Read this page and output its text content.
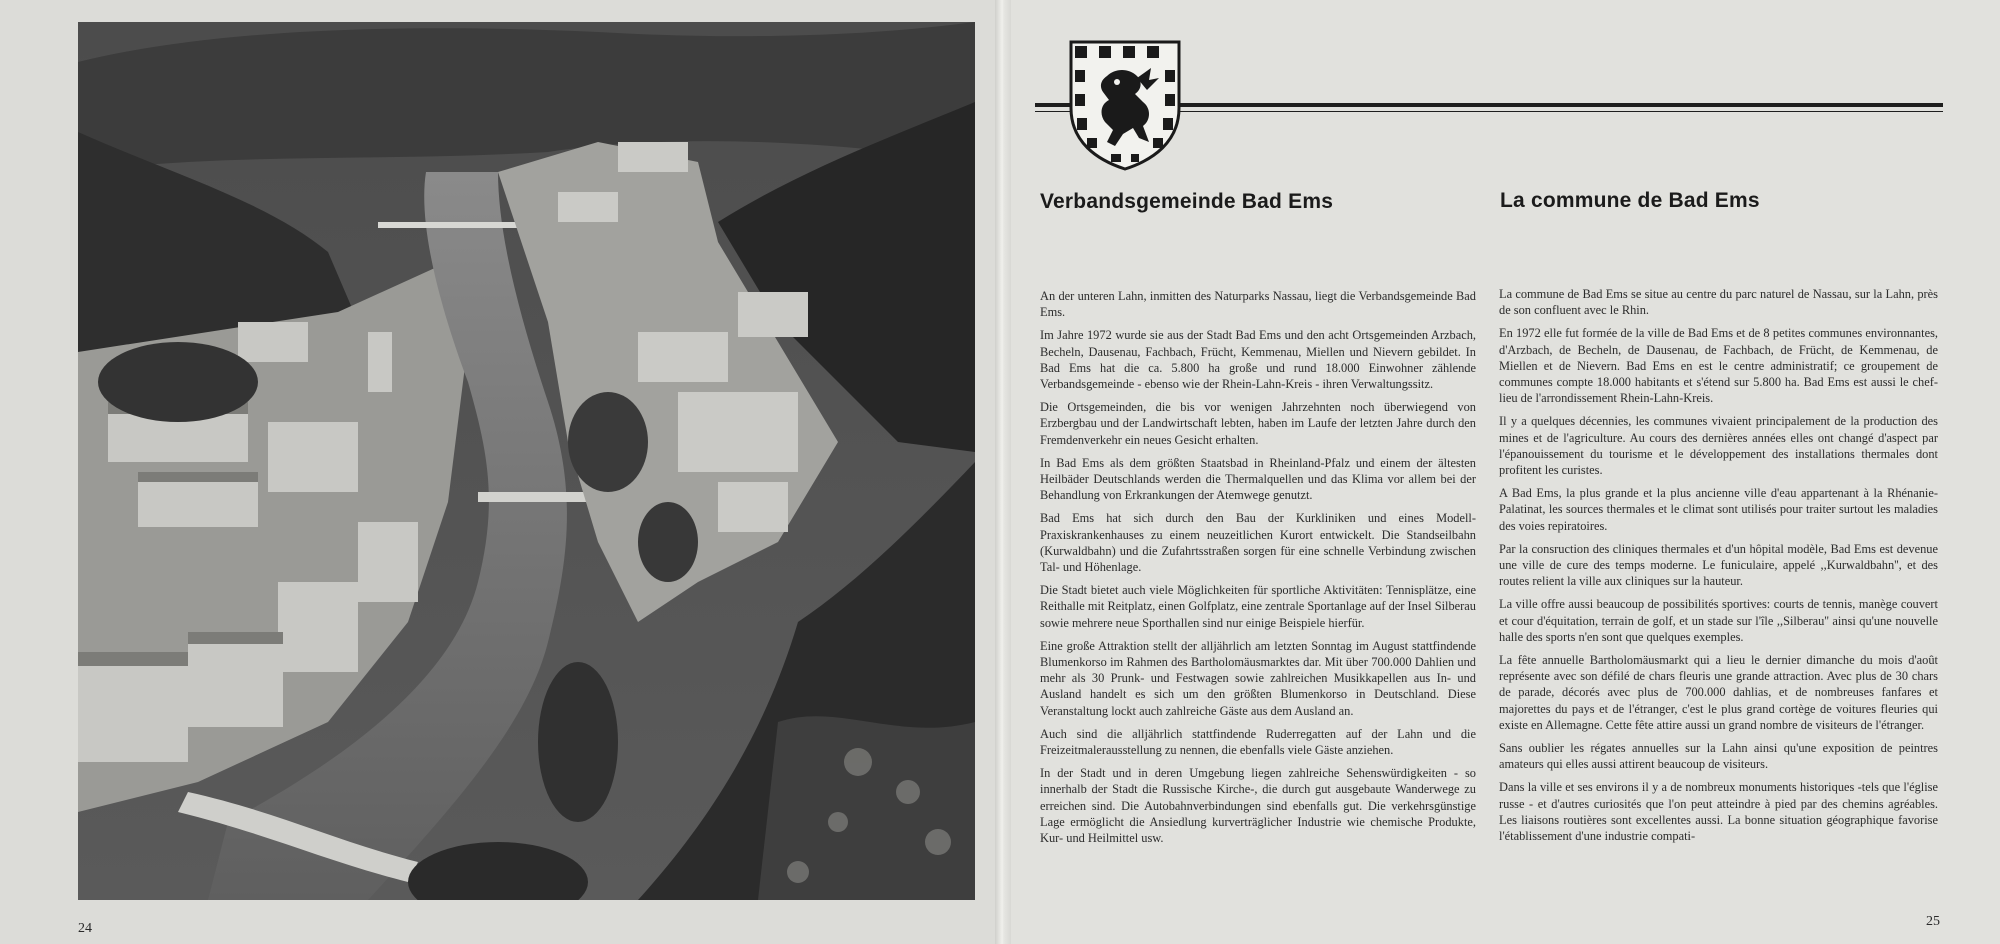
24
Verbandsgemeinde Bad Ems	La commune de Bad Ems

An der unteren Lahn, inmitten des Naturparks Nassau, liegt die Verbandsgemeinde Bad Ems.

Im Jahre 1972 wurde sie aus der Stadt Bad Ems und den acht Ortsgemeinden Arzbach, Becheln, Dausenau, Fachbach, Frücht, Kemmenau, Miellen und Nievern gebildet. In Bad Ems hat die ca. 5.800 ha große und rund 18.000 Einwohner zählende Verbandsgemeinde - ebenso wie der Rhein-Lahn-Kreis - ihren Verwaltungssitz.

Die Ortsgemeinden, die bis vor wenigen Jahrzehnten noch überwiegend von Erzbergbau und der Landwirtschaft lebten, haben im Laufe der letzten Jahre durch den Fremdenverkehr ein neues Gesicht erhalten.

In Bad Ems als dem größten Staatsbad in Rheinland-Pfalz und einem der ältesten Heilbäder Deutschlands werden die Thermalquellen und das Klima vor allem bei der Behandlung von Erkrankungen der Atemwege genutzt.

Bad Ems hat sich durch den Bau der Kurkliniken und eines Modell-Praxiskrankenhauses zu einem neuzeitlichen Kurort entwickelt. Die Standseilbahn (Kurwaldbahn) und die Zufahrtsstraßen sorgen für eine schnelle Verbindung zwischen Tal- und Höhenlage.

Die Stadt bietet auch viele Möglichkeiten für sportliche Aktivitäten: Tennisplätze, eine Reithalle mit Reitplatz, einen Golfplatz, eine zentrale Sportanlage auf der Insel Silberau sowie mehrere neue Sporthallen sind nur einige Beispiele hierfür.

Eine große Attraktion stellt der alljährlich am letzten Sonntag im August stattfindende Blumenkorso im Rahmen des Bartholomäusmarktes dar. Mit über 700.000 Dahlien und mehr als 30 Prunk- und Festwagen sowie zahlreichen Musikkapellen aus In- und Ausland handelt es sich um den größten Blumenkorso in Deutschland. Diese Veranstaltung lockt auch zahlreiche Gäste aus dem Ausland an.

Auch sind die alljährlich stattfindende Ruderregatten auf der Lahn und die Freizeitmalerausstellung zu nennen, die ebenfalls viele Gäste anziehen.

In der Stadt und in deren Umgebung liegen zahlreiche Sehenswürdigkeiten - so innerhalb der Stadt die Russische Kirche-, die durch gut ausgebaute Wanderwege zu erreichen sind. Die Autobahnverbindungen sind ebenfalls gut. Die verkehrsgünstige Lage ermöglicht die Ansiedlung kurverträglicher Industrie wie chemische Produkte, Kur- und Heilmittel usw.

La commune de Bad Ems se situe au centre du parc naturel de Nassau, sur la Lahn, près de son confluent avec le Rhin.

En 1972 elle fut formée de la ville de Bad Ems et de 8 petites communes environnantes, d'Arzbach, de Becheln, de Dausenau, de Fachbach, de Frücht, de Kemmenau, de Miellen et de Nievern. Bad Ems en est le centre administratif; ce groupement de communes compte 18.000 habitants et s'étend sur 5.800 ha. Bad Ems est aussi le chef-lieu de l'arrondissement Rhein-Lahn-Kreis.

Il y a quelques décennies, les communes vivaient principalement de la production des mines et de l'agriculture. Au cours des dernières années elles ont changé d'aspect par l'épanouissement du tourisme et le développement des installations thermales dont profitent les curistes.

A Bad Ems, la plus grande et la plus ancienne ville d'eau appartenant à la Rhénanie-Palatinat, les sources thermales et le climat sont utilisés pour traiter surtout les maladies des voies repiratoires.

Par la consruction des cliniques thermales et d'un hôpital modèle, Bad Ems est devenue une ville de cure des temps moderne. Le funiculaire, appelé ,,Kurwaldbahn'', et des routes relient la ville aux cliniques sur la hauteur.

La ville offre aussi beaucoup de possibilités sportives: courts de tennis, manège couvert et cour d'équitation, terrain de golf, et un stade sur l'île ,,Silberau'' ainsi qu'une nouvelle halle des sports n'en sont que quelques exemples.

La fête annuelle Bartholomäusmarkt qui a lieu le dernier dimanche du mois d'août représente avec son défilé de chars fleuris une grande attraction. Avec plus de 30 chars de parade, décorés avec plus de 700.000 dahlias, et de nombreuses fanfares et majorettes du pays et de l'étranger, c'est le plus grand cortège de voitures fleuries qui existe en Allemagne. Cette fête attire aussi un grand nombre de visiteurs de l'étranger.

Sans oublier les régates annuelles sur la Lahn ainsi qu'une exposition de peintres amateurs qui elles aussi attirent beaucoup de visiteurs.

Dans la ville et ses environs il y a de nombreux monuments historiques -tels que l'église russe - et d'autres curiosités que l'on peut atteindre à pied par des chemins agréables. Les liaisons routières sont excellentes aussi. La bonne situation géographique favorise l'établissement d'une industrie compati-

25
